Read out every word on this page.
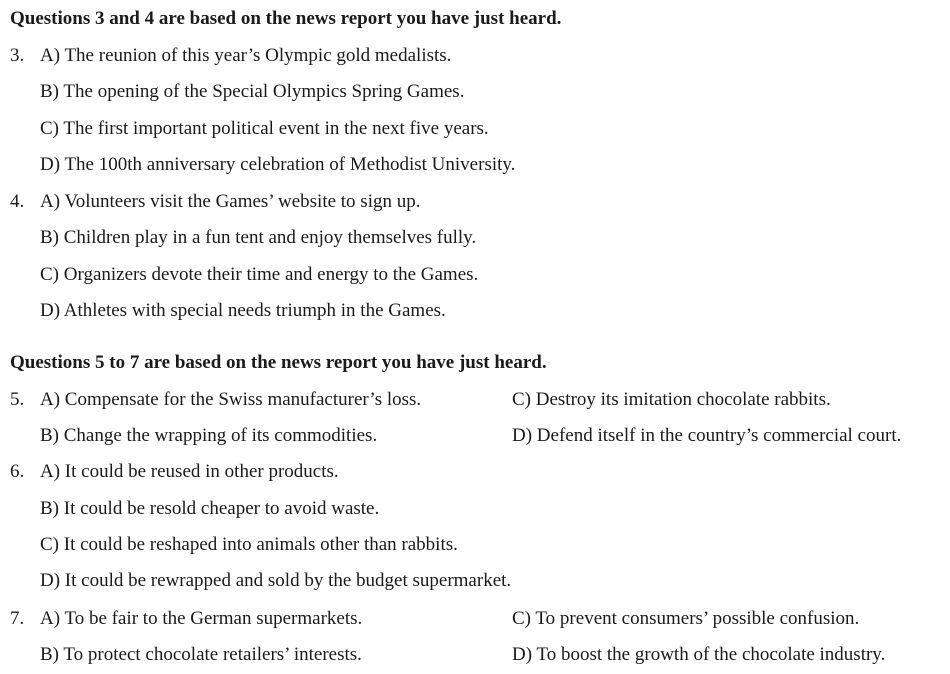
Questions 3 and 4 are based on the news report you have just heard.
3. A) The reunion of this year’s Olympic gold medalists.
B) The opening of the Special Olympics Spring Games.
C) The first important political event in the next five years.
D) The 100th anniversary celebration of Methodist University.
4. A) Volunteers visit the Games’ website to sign up.
B) Children play in a fun tent and enjoy themselves fully.
C) Organizers devote their time and energy to the Games.
D) Athletes with special needs triumph in the Games.
Questions 5 to 7 are based on the news report you have just heard.
5. A) Compensate for the Swiss manufacturer’s loss.	C) Destroy its imitation chocolate rabbits.
B) Change the wrapping of its commodities.	D) Defend itself in the country’s commercial court.
6. A) It could be reused in other products.
B) It could be resold cheaper to avoid waste.
C) It could be reshaped into animals other than rabbits.
D) It could be rewrapped and sold by the budget supermarket.
7. A) To be fair to the German supermarkets.	C) To prevent consumers’ possible confusion.
B) To protect chocolate retailers’ interests.	D) To boost the growth of the chocolate industry.
